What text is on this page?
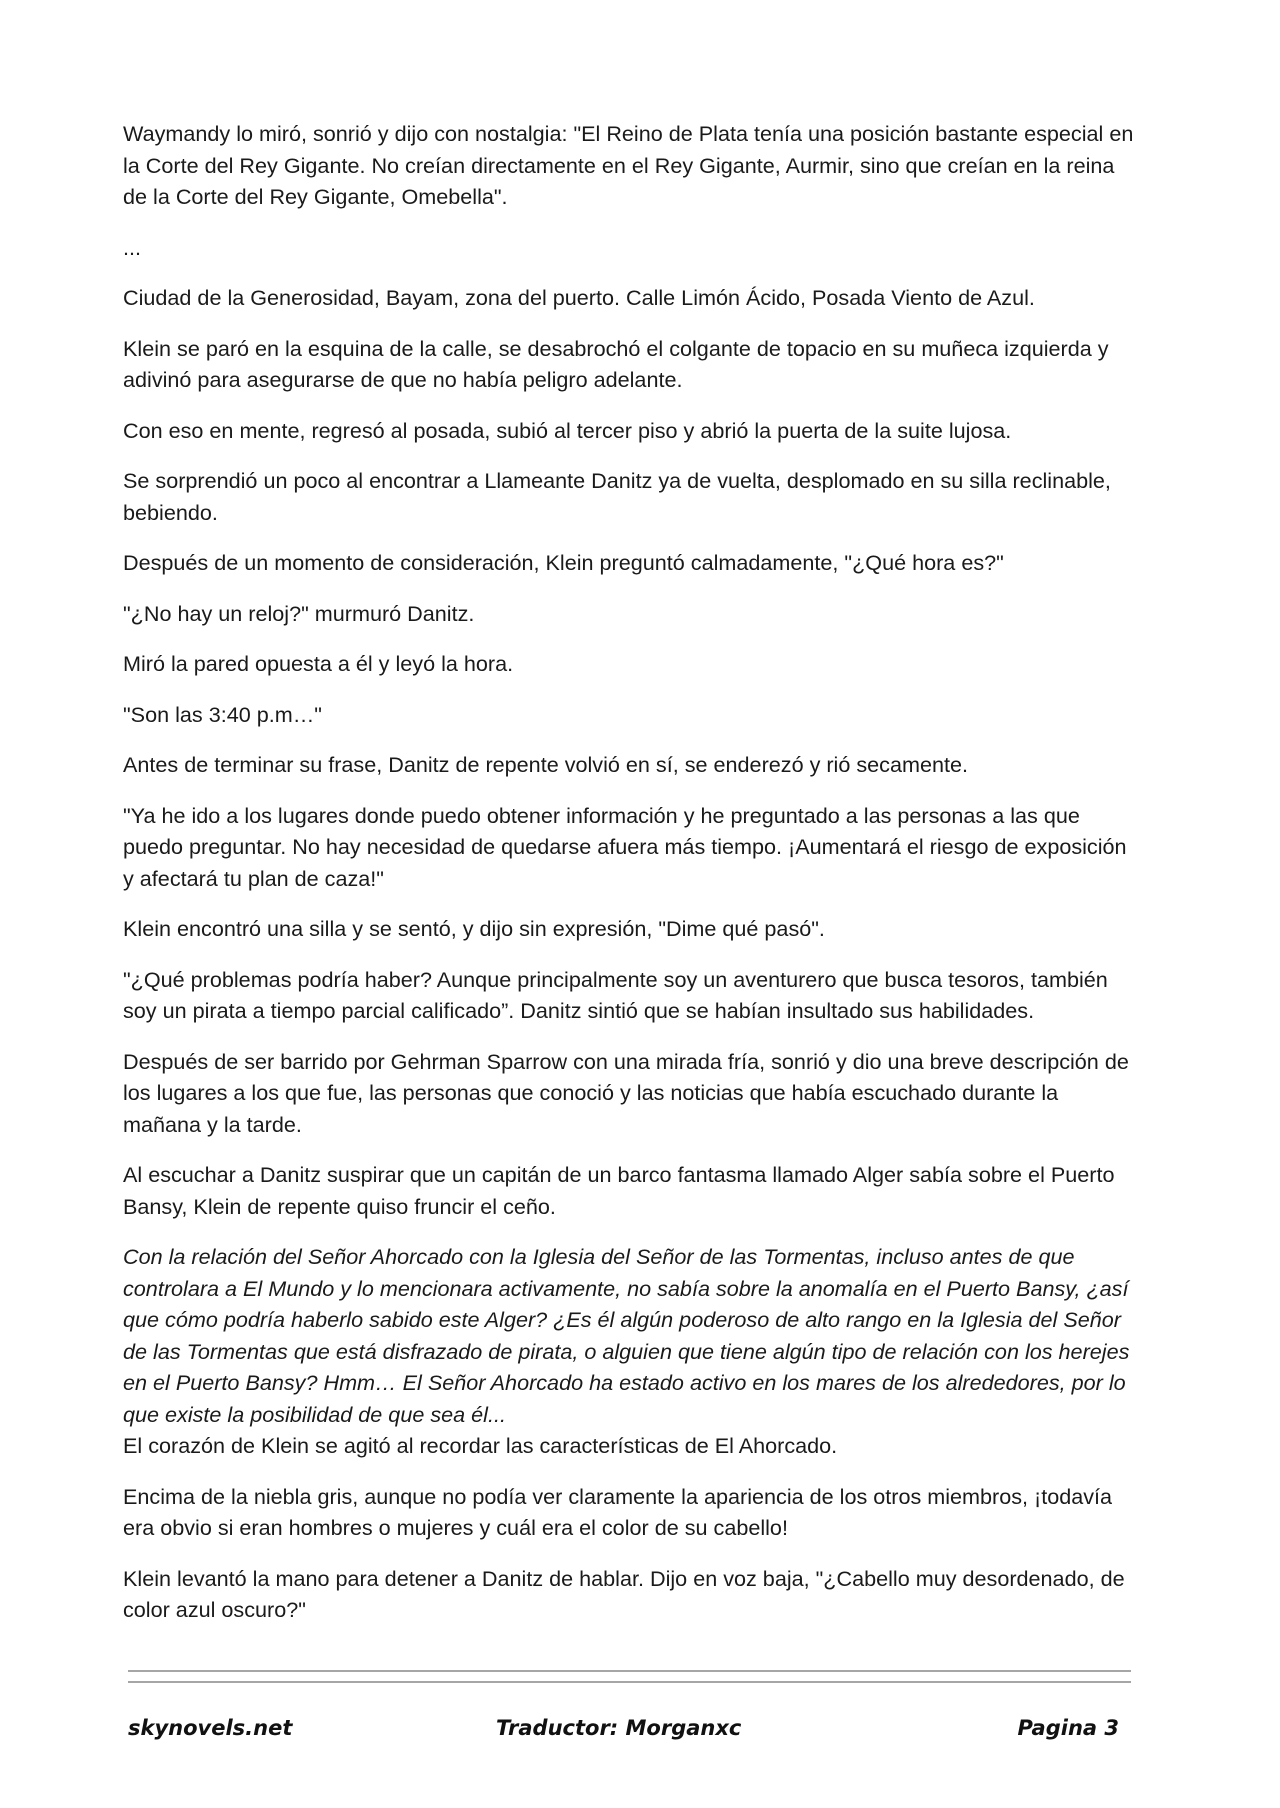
Waymandy lo miró, sonrió y dijo con nostalgia: "El Reino de Plata tenía una posición bastante especial en la Corte del Rey Gigante. No creían directamente en el Rey Gigante, Aurmir, sino que creían en la reina de la Corte del Rey Gigante, Omebella".

...

Ciudad de la Generosidad, Bayam, zona del puerto. Calle Limón Ácido, Posada Viento de Azul.

Klein se paró en la esquina de la calle, se desabrochó el colgante de topacio en su muñeca izquierda y adivinó para asegurarse de que no había peligro adelante.

Con eso en mente, regresó al posada, subió al tercer piso y abrió la puerta de la suite lujosa.

Se sorprendió un poco al encontrar a Llameante Danitz ya de vuelta, desplomado en su silla reclinable, bebiendo.

Después de un momento de consideración, Klein preguntó calmadamente, "¿Qué hora es?"

"¿No hay un reloj?" murmuró Danitz.

Miró la pared opuesta a él y leyó la hora.

"Son las 3:40 p.m…"

Antes de terminar su frase, Danitz de repente volvió en sí, se enderezó y rió secamente.

"Ya he ido a los lugares donde puedo obtener información y he preguntado a las personas a las que puedo preguntar. No hay necesidad de quedarse afuera más tiempo. ¡Aumentará el riesgo de exposición y afectará tu plan de caza!"

Klein encontró una silla y se sentó, y dijo sin expresión, "Dime qué pasó".

"¿Qué problemas podría haber? Aunque principalmente soy un aventurero que busca tesoros, también soy un pirata a tiempo parcial calificado”. Danitz sintió que se habían insultado sus habilidades.

Después de ser barrido por Gehrman Sparrow con una mirada fría, sonrió y dio una breve descripción de los lugares a los que fue, las personas que conoció y las noticias que había escuchado durante la mañana y la tarde.

Al escuchar a Danitz suspirar que un capitán de un barco fantasma llamado Alger sabía sobre el Puerto Bansy, Klein de repente quiso fruncir el ceño.

Con la relación del Señor Ahorcado con la Iglesia del Señor de las Tormentas, incluso antes de que controlara a El Mundo y lo mencionara activamente, no sabía sobre la anomalía en el Puerto Bansy, ¿así que cómo podría haberlo sabido este Alger? ¿Es él algún poderoso de alto rango en la Iglesia del Señor de las Tormentas que está disfrazado de pirata, o alguien que tiene algún tipo de relación con los herejes en el Puerto Bansy? Hmm… El Señor Ahorcado ha estado activo en los mares de los alrededores, por lo que existe la posibilidad de que sea él...
El corazón de Klein se agitó al recordar las características de El Ahorcado.

Encima de la niebla gris, aunque no podía ver claramente la apariencia de los otros miembros, ¡todavía era obvio si eran hombres o mujeres y cuál era el color de su cabello!

Klein levantó la mano para detener a Danitz de hablar. Dijo en voz baja, "¿Cabello muy desordenado, de color azul oscuro?"

skynovels.net	Traductor: Morganxc	Pagina 3
